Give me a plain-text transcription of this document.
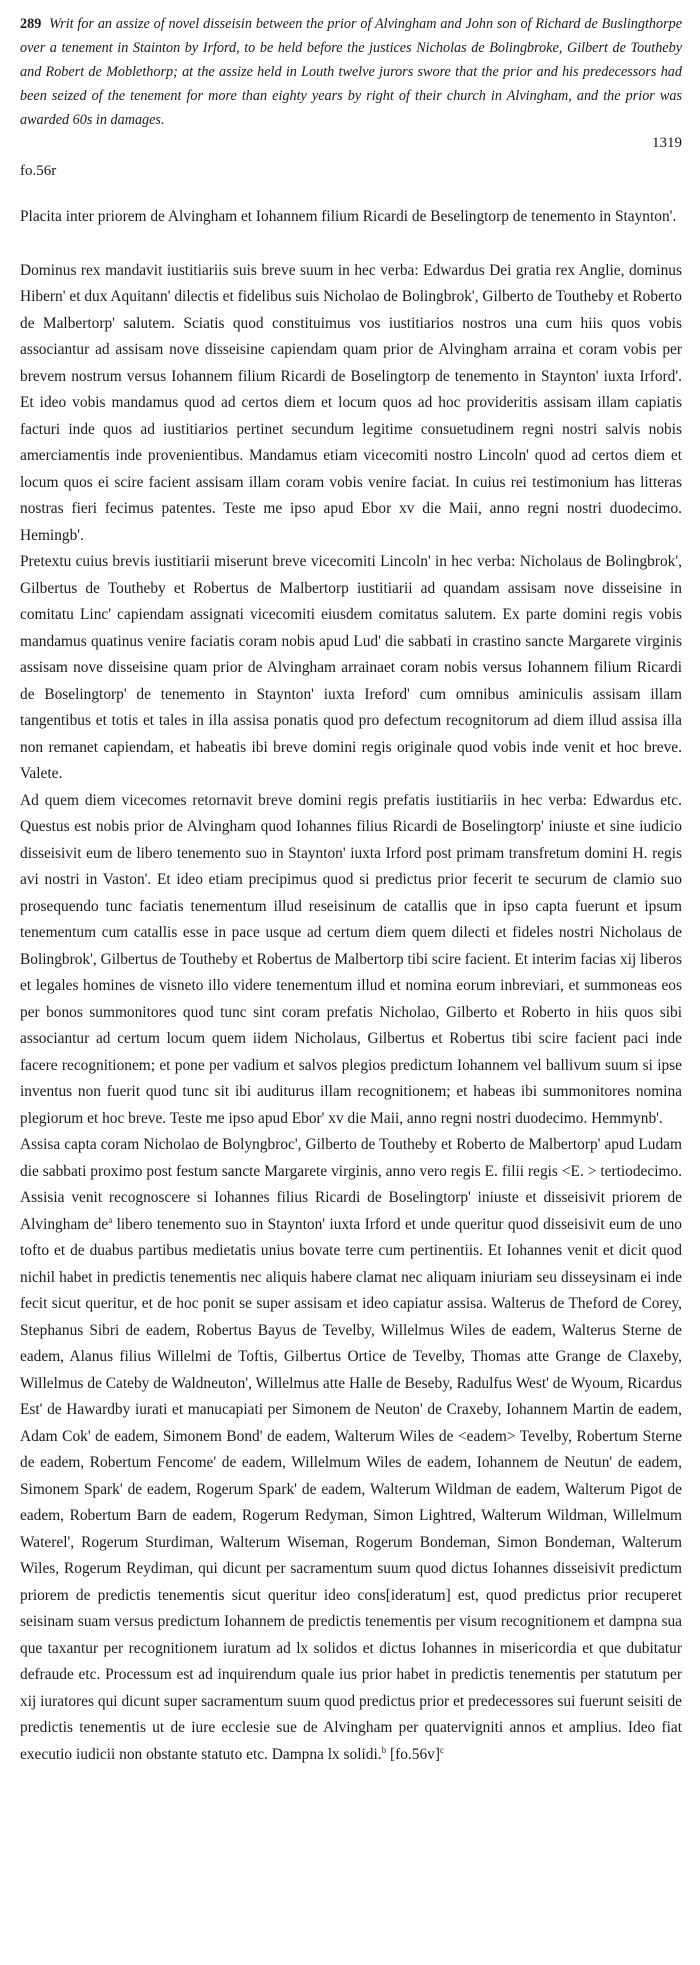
289 Writ for an assize of novel disseisin between the prior of Alvingham and John son of Richard de Buslingthorpe over a tenement in Stainton by Irford, to be held before the justices Nicholas de Bolingbroke, Gilbert de Toutheby and Robert de Moblethorp; at the assize held in Louth twelve jurors swore that the prior and his predecessors had been seized of the tenement for more than eighty years by right of their church in Alvingham, and the prior was awarded 60s in damages.

1319

fo.56r

Placita inter priorem de Alvingham et Iohannem filium Ricardi de Beselingtorp de tenemento in Staynton'.

Dominus rex mandavit iustitiariis suis breve suum in hec verba: Edwardus Dei gratia rex Anglie, dominus Hibern' et dux Aquitann' dilectis et fidelibus suis Nicholao de Bolingbrok', Gilberto de Toutheby et Roberto de Malbertorp' salutem. Sciatis quod constituimus vos iustitiarios nostros una cum hiis quos vobis associantur ad assisam nove disseisine capiendam quam prior de Alvingham arraina et coram vobis per brevem nostrum versus Iohannem filium Ricardi de Boselingtorp de tenemento in Staynton' iuxta Irford'. Et ideo vobis mandamus quod ad certos diem et locum quos ad hoc provideritis assisam illam capiatis facturi inde quos ad iustitiarios pertinet secundum legitime consuetudinem regni nostri salvis nobis amerciamentis inde provenientibus. Mandamus etiam vicecomiti nostro Lincoln' quod ad certos diem et locum quos ei scire facient assisam illam coram vobis venire faciat. In cuius rei testimonium has litteras nostras fieri fecimus patentes. Teste me ipso apud Ebor xv die Maii, anno regni nostri duodecimo. Hemingb'.

Pretextu cuius brevis iustitiarii miserunt breve vicecomiti Lincoln' in hec verba: Nicholaus de Bolingbrok', Gilbertus de Toutheby et Robertus de Malbertorp iustitiarii ad quandam assisam nove disseisine in comitatu Linc' capiendam assignati vicecomiti eiusdem comitatus salutem. Ex parte domini regis vobis mandamus quatinus venire faciatis coram nobis apud Lud' die sabbati in crastino sancte Margarete virginis assisam nove disseisine quam prior de Alvingham arrainaet coram nobis versus Iohannem filium Ricardi de Boselingtorp' de tenemento in Staynton' iuxta Ireford' cum omnibus aminiculis assisam illam tangentibus et totis et tales in illa assisa ponatis quod pro defectum recognitorum ad diem illud assisa illa non remanet capiendam, et habeatis ibi breve domini regis originale quod vobis inde venit et hoc breve. Valete.

Ad quem diem vicecomes retornavit breve domini regis prefatis iustitiariis in hec verba: Edwardus etc. Questus est nobis prior de Alvingham quod Iohannes filius Ricardi de Boselingtorp' iniuste et sine iudicio disseisivit eum de libero tenemento suo in Staynton' iuxta Irford post primam transfretum domini H. regis avi nostri in Vaston'. Et ideo etiam precipimus quod si predictus prior fecerit te securum de clamio suo prosequendo tunc faciatis tenementum illud reseisinum de catallis que in ipso capta fuerunt et ipsum tenementum cum catallis esse in pace usque ad certum diem quem dilecti et fideles nostri Nicholaus de Bolingbrok', Gilbertus de Toutheby et Robertus de Malbertorp tibi scire facient. Et interim facias xij liberos et legales homines de visneto illo videre tenementum illud et nomina eorum inbreviari, et summoneas eos per bonos summonitores quod tunc sint coram prefatis Nicholao, Gilberto et Roberto in hiis quos sibi associantur ad certum locum quem iidem Nicholaus, Gilbertus et Robertus tibi scire facient paci inde facere recognitionem; et pone per vadium et salvos plegios predictum Iohannem vel ballivum suum si ipse inventus non fuerit quod tunc sit ibi auditurus illam recognitionem; et habeas ibi summonitores nomina plegiorum et hoc breve. Teste me ipso apud Ebor' xv die Maii, anno regni nostri duodecimo. Hemmynb'.

Assisa capta coram Nicholao de Bolyngbroc', Gilberto de Toutheby et Roberto de Malbertorp' apud Ludam die sabbati proximo post festum sancte Margarete virginis, anno vero regis E. filii regis <E. > tertiodecimo. Assisia venit recognoscere si Iohannes filius Ricardi de Boselingtorp' iniuste et disseisivit priorem de Alvingham $de^a$ libero tenemento suo in Staynton' iuxta Irford et unde queritur quod disseisivit eum de uno tofto et de duabus partibus medietatis unius bovate terre cum pertinentiis. Et Iohannes venit et dicit quod nichil habet in predictis tenementis nec aliquis habere clamat nec aliquam iniuriam seu disseysinam ei inde fecit sicut queritur, et de hoc ponit se super assisam et ideo capiatur assisa. Walterus de Theford de Corey, Stephanus Sibri de eadem, Robertus Bayus de Tevelby, Willelmus Wiles de eadem, Walterus Sterne de eadem, Alanus filius Willelmi de Toftis, Gilbertus Ortice de Tevelby, Thomas atte Grange de Claxeby, Willelmus de Cateby de Waldneuton', Willelmus atte Halle de Beseby, Radulfus West' de Wyoum, Ricardus Est' de Hawardby iurati et manucapiati per Simonem de Neuton' de Craxeby, Iohannem Martin de eadem, Adam Cok' de eadem, Simonem Bond' de eadem, Walterum Wiles de <eadem> Tevelby, Robertum Sterne de eadem, Robertum Fencome' de eadem, Willelmum Wiles de eadem, Iohannem de Neutun' de eadem, Simonem Spark' de eadem, Rogerum Spark' de eadem, Walterum Wildman de eadem, Walterum Pigot de eadem, Robertum Barn de eadem, Rogerum Redyman, Simon Lightred, Walterum Wildman, Willelmum Waterel', Rogerum Sturdiman, Walterum Wiseman, Rogerum Bondeman, Simon Bondeman, Walterum Wiles, Rogerum Reydiman, qui dicunt per sacramentum suum quod dictus Iohannes disseisivit predictum priorem de predictis tenementis sicut queritur ideo cons[ideratum] est, quod predictus prior recuperet seisinam suam versus predictum Iohannem de predictis tenementis per visum recognitionem et dampna sua que taxantur per recognitionem iuratum ad lx solidos et dictus Iohannes in misericordia et que dubitatur defraude etc. Processum est ad inquirendum quale ius prior habet in predictis tenementis per statutum per xij iuratores qui dicunt super sacramentum suum quod predictus prior et predecessores sui fuerunt seisiti de predictis tenementis ut de iure ecclesie sue de Alvingham per quatervigniti annos et amplius. Ideo fiat executio iudicii non obstante statuto etc. Dampna lx solidi.$^b$ $[fo.56v]^c$
